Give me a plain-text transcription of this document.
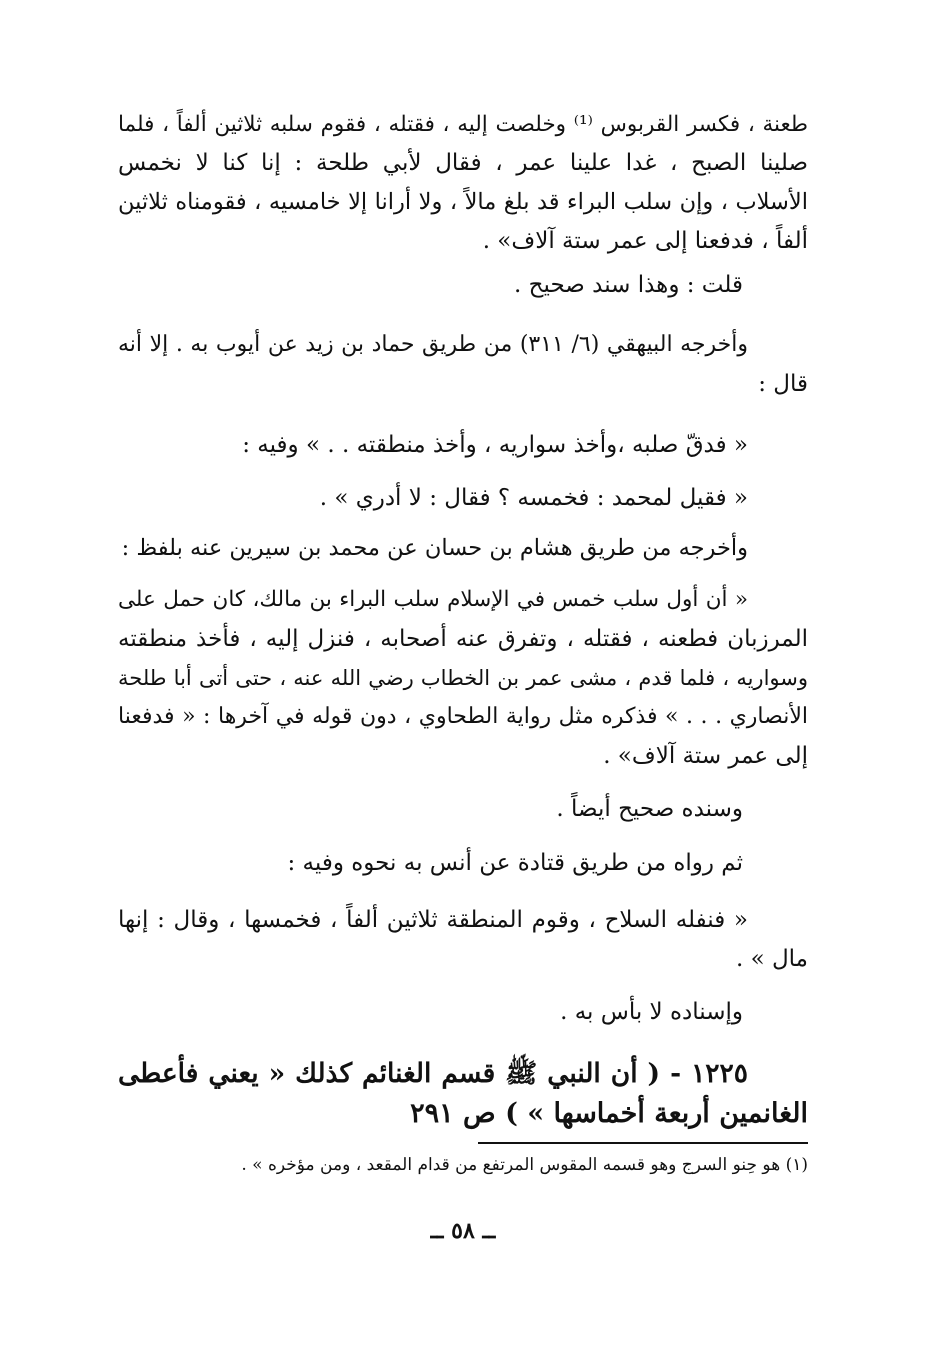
طعنة ، فكسر القربوس ⁽¹⁾ وخلصت إليه ، فقتله ، فقوم سلبه ثلاثين ألفاً ، فلما
صلينا الصبح ، غدا علينا عمر ، فقال لأبي طلحة : إنا كنا لا نخمس
الأسلاب ، وإن سلب البراء قد بلغ مالاً ، ولا أرانا إلا خامسيه ، فقومناه ثلاثين
ألفاً ، فدفعنا إلى عمر ستة آلاف» .
قلت : وهذا سند صحيح .
وأخرجه البيهقي (٦/ ٣١١) من طريق حماد بن زيد عن أيوب به . إلا أنه
قال :
« فدقّ صلبه ،وأخذ سواريه ، وأخذ منطقته . . » وفيه :
« فقيل لمحمد : فخمسه ؟ فقال : لا أدري » .
وأخرجه من طريق هشام بن حسان عن محمد بن سيرين عنه بلفظ :
« أن أول سلب خمس في الإسلام سلب البراء بن مالك، كان حمل على
المرزبان فطعنه ، فقتله ، وتفرق عنه أصحابه ، فنزل إليه ، فأخذ منطقته
وسواريه ، فلما قدم ، مشى عمر بن الخطاب رضي الله عنه ، حتى أتى أبا طلحة
الأنصاري . . . » فذكره مثل رواية الطحاوي ، دون قوله في آخرها : « فدفعنا
إلى عمر ستة آلاف» .
وسنده صحيح أيضاً .
ثم رواه من طريق قتادة عن أنس به نحوه وفيه :
« فنفله السلاح ، وقوم المنطقة ثلاثين ألفاً ، فخمسها ، وقال : إنها
مال » .
وإسناده لا بأس به .
١٢٢٥ - ( أن النبي ﷺ قسم الغنائم كذلك « يعني فأعطى
الغانمين أربعة أخماسها » ) ص ٢٩١
(١) هو حِنو السرج وهو قسمه المقوس المرتفع من قدام المقعد ، ومن مؤخره » .
ــ ٥٨ ــ
